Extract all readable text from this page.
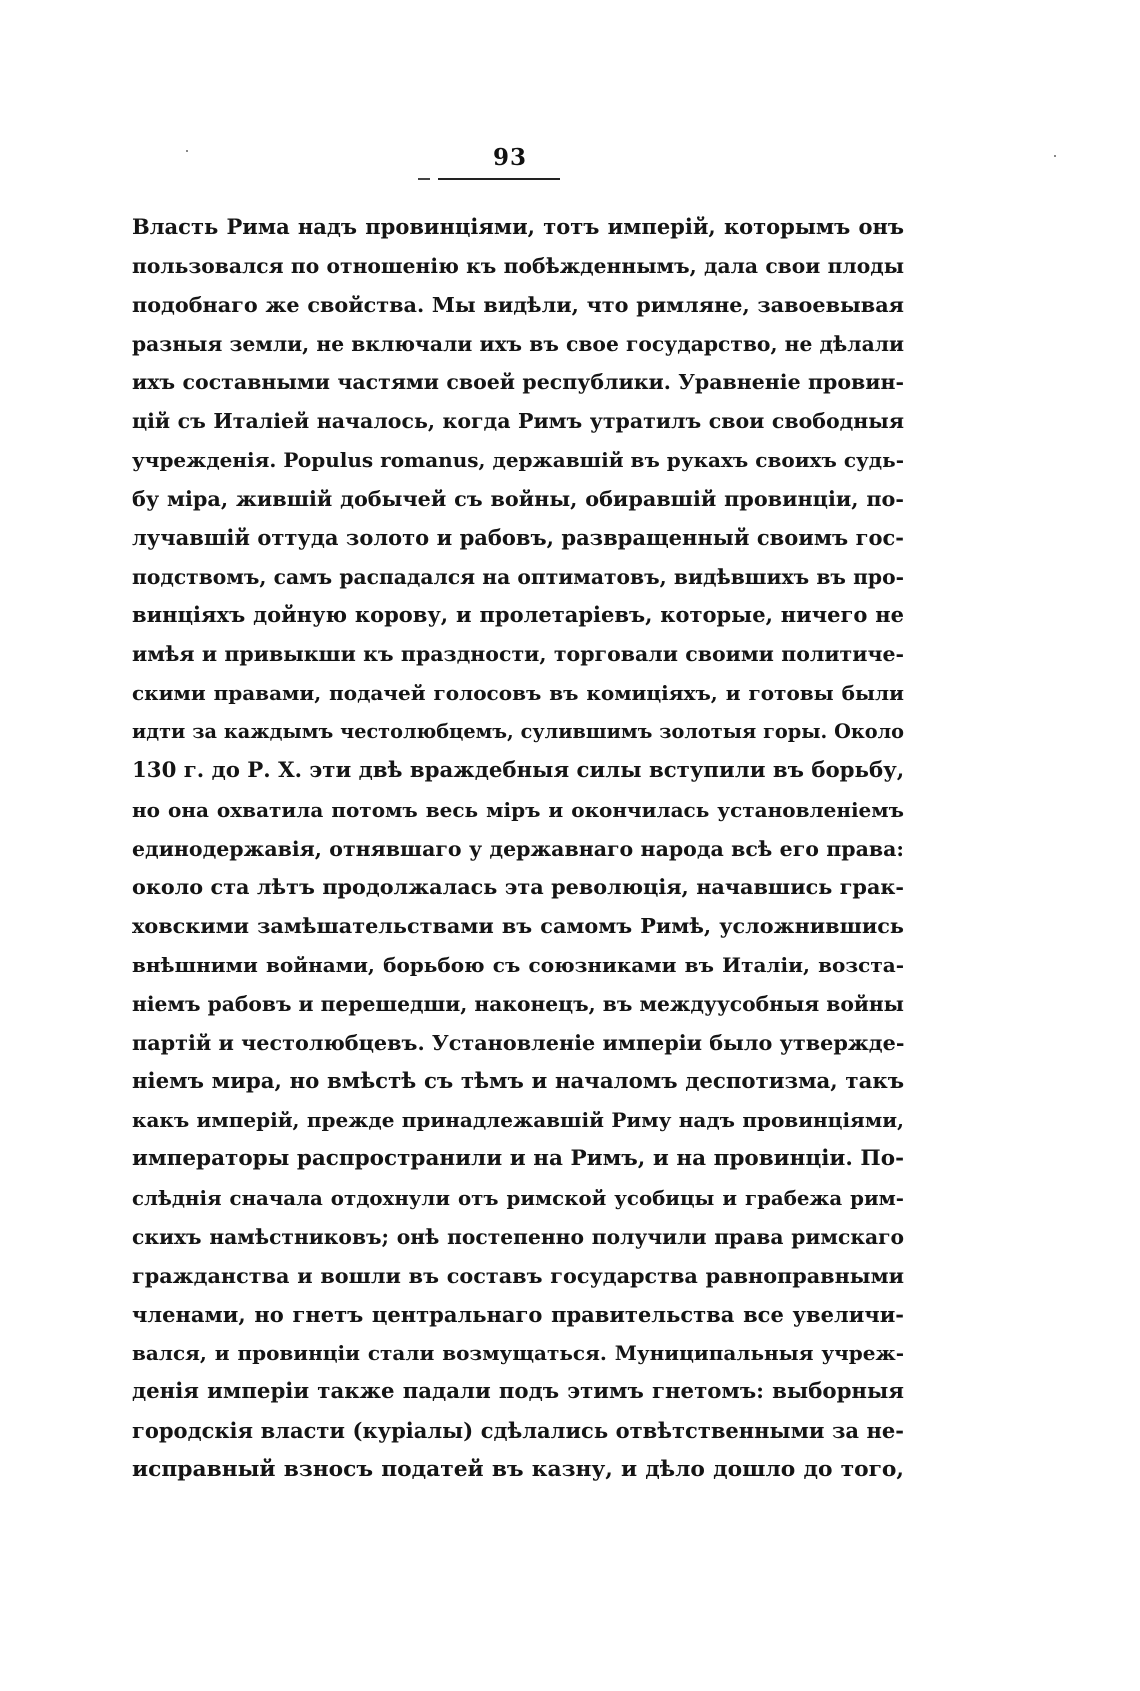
93
Власть Рима надъ провинціями, тотъ имперій, которымъ онъ
пользовался по отношенію къ побѣжденнымъ, дала свои плоды
подобнаго же свойства. Мы видѣли, что римляне, завоевывая
разныя земли, не включали ихъ въ свое государство, не дѣлали
ихъ составными частями своей республики. Уравненіе провин-
цій съ Италіей началось, когда Римъ утратилъ свои свободныя
учрежденія. Populus romanus, державшій въ рукахъ своихъ судь-
бу міра, жившій добычей съ войны, обиравшій провинціи, по-
лучавшій оттуда золото и рабовъ, развращенный своимъ гос-
подствомъ, самъ распадался на оптиматовъ, видѣвшихъ въ про-
винціяхъ дойную корову, и пролетаріевъ, которые, ничего не
имѣя и привыкши къ праздности, торговали своими политиче-
скими правами, подачей голосовъ въ комиціяхъ, и готовы были
идти за каждымъ честолюбцемъ, сулившимъ золотыя горы. Около
130 г. до Р. Х. эти двѣ враждебныя силы вступили въ борьбу,
но она охватила потомъ весь міръ и окончилась установленіемъ
единодержавія, отнявшаго у державнаго народа всѣ его права:
около ста лѣтъ продолжалась эта революція, начавшись грак-
ховскими замѣшательствами въ самомъ Римѣ, усложнившись
внѣшними войнами, борьбою съ союзниками въ Италіи, возста-
ніемъ рабовъ и перешедши, наконецъ, въ междуусобныя войны
партій и честолюбцевъ. Установленіе имперіи было утвержде-
ніемъ мира, но вмѣстѣ съ тѣмъ и началомъ деспотизма, такъ
какъ имперій, прежде принадлежавшій Риму надъ провинціями,
императоры распространили и на Римъ, и на провинціи. По-
слѣднія сначала отдохнули отъ римской усобицы и грабежа рим-
скихъ намѣстниковъ; онѣ постепенно получили права римскаго
гражданства и вошли въ составъ государства равноправными
членами, но гнетъ центральнаго правительства все увеличи-
вался, и провинціи стали возмущаться. Муниципальныя учреж-
денія имперіи также падали подъ этимъ гнетомъ: выборныя
городскія власти (куріалы) сдѣлались отвѣтственными за не-
исправный взносъ податей въ казну, и дѣло дошло до того,
